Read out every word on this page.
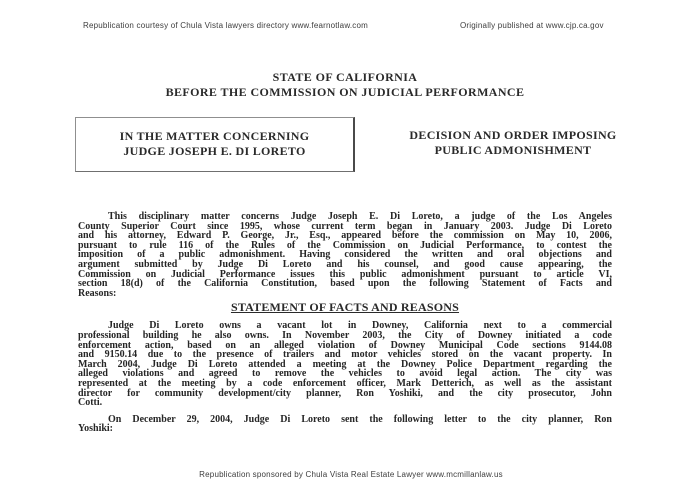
Republication courtesy of Chula Vista lawyers directory www.fearnotlaw.com	Originally published at www.cjp.ca.gov
STATE OF CALIFORNIA
BEFORE THE COMMISSION ON JUDICIAL PERFORMANCE
IN THE MATTER CONCERNING
JUDGE JOSEPH E. DI LORETO
DECISION AND ORDER IMPOSING
PUBLIC ADMONISHMENT
This disciplinary matter concerns Judge Joseph E. Di Loreto, a judge of the Los Angeles
County Superior Court since 1995, whose current term began in January 2003. Judge Di Loreto
and his attorney, Edward P. George, Jr., Esq., appeared before the commission on May 10, 2006,
pursuant to rule 116 of the Rules of the Commission on Judicial Performance, to contest the
imposition of a public admonishment. Having considered the written and oral objections and
argument submitted by Judge Di Loreto and his counsel, and good cause appearing, the
Commission on Judicial Performance issues this public admonishment pursuant to article VI,
section 18(d) of the California Constitution, based upon the following Statement of Facts and
Reasons:
STATEMENT OF FACTS AND REASONS
Judge Di Loreto owns a vacant lot in Downey, California next to a commercial
professional building he also owns. In November 2003, the City of Downey initiated a code
enforcement action, based on an alleged violation of Downey Municipal Code sections 9144.08
and 9150.14 due to the presence of trailers and motor vehicles stored on the vacant property. In
March 2004, Judge Di Loreto attended a meeting at the Downey Police Department regarding the
alleged violations and agreed to remove the vehicles to avoid legal action. The city was
represented at the meeting by a code enforcement officer, Mark Detterich, as well as the assistant
director for community development/city planner, Ron Yoshiki, and the city prosecutor, John
Cotti.
On December 29, 2004, Judge Di Loreto sent the following letter to the city planner, Ron
Yoshiki:
Republication sponsored by Chula Vista Real Estate Lawyer www.mcmillanlaw.us
